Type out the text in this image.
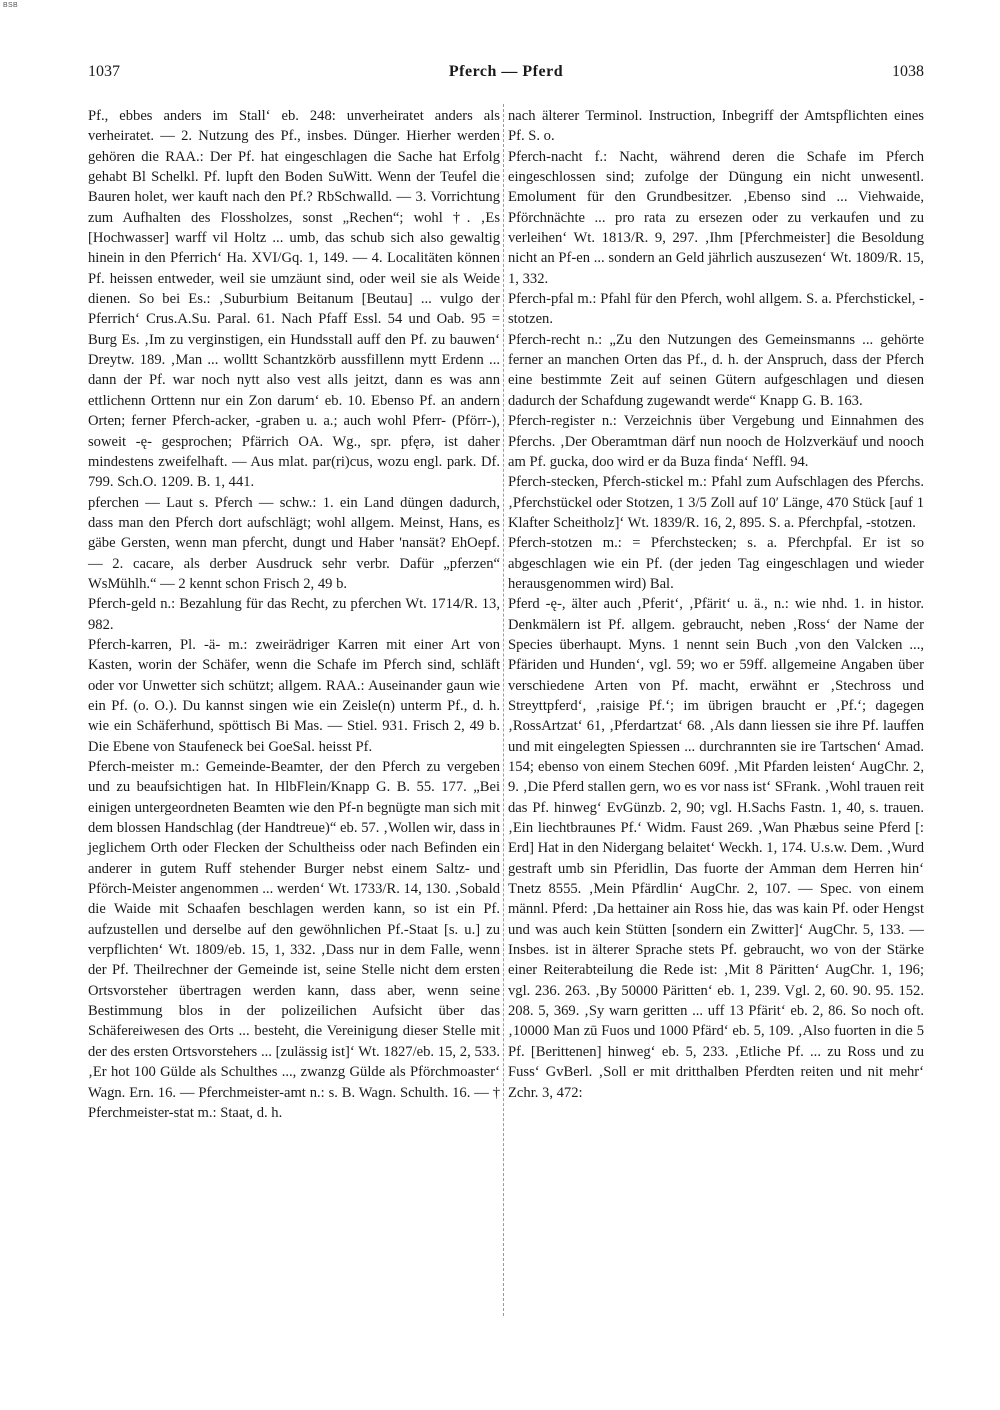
BSB
1037	Pferch — Pferd	1038

Pf., ebbes anders im Stall‘ eb. 248: unverheiratet anders als verheiratet. — 2. Nutzung des Pf., insbes. Dünger. Hierher werden gehören die RAA.: Der Pf. hat eingeschlagen die Sache hat Erfolg gehabt Bl Schelkl. Pf. lupft den Boden SuWitt. Wenn der Teufel die Bauren holet, wer kauft nach den Pf.? RbSchwalld. — 3. Vorrichtung zum Aufhalten des Flossholzes, sonst „Rechen“; wohl †. ‚Es [Hochwasser] warff vil Holtz ... umb, das schub sich also gewaltig hinein in den Pferrich‘ Ha. XVI/Gq. 1, 149. — 4. Localitäten können Pf. heissen entweder, weil sie umzäunt sind, oder weil sie als Weide dienen. So bei Es.: ‚Suburbium Beitanum [Beutau] ... vulgo der Pferrich‘ Crus.A.Su. Paral. 61. Nach Pfaff Essl. 54 und Oab. 95 = Burg Es. ‚Im zu verginstigen, ein Hundsstall auff den Pf. zu bauwen‘ Dreytw. 189. ‚Man ... wolltt Schantzkörb aussfillenn mytt Erdenn ... dann der Pf. war noch nytt also vest alls jeitzt, dann es was ann ettlichenn Orttenn nur ein Zon darum‘ eb. 10. Ebenso Pf. an andern Orten; ferner Pferch-acker, -graben u. a.; auch wohl Pferr- (Pförr-), soweit -ę- gesprochen; Pfärrich OA. Wg., spr. pfęrə, ist daher mindestens zweifelhaft. — Aus mlat. par(ri)cus, wozu engl. park. Df. 799. Sch.O. 1209. B. 1, 441.

pferchen — Laut s. Pferch — schw.: 1. ein Land düngen dadurch, dass man den Pferch dort aufschlägt; wohl allgem. Meinst, Hans, es gäbe Gersten, wenn man pfercht, dungt und Haber 'nansät? EhOepf. — 2. cacare, als derber Ausdruck sehr verbr. Dafür „pferzen“ WsMühlh.“ — 2 kennt schon Frisch 2, 49 b.

Pferch-geld n.: Bezahlung für das Recht, zu pferchen Wt. 1714/R. 13, 982.

Pferch-karren, Pl. -ä- m.: zweirädriger Karren mit einer Art von Kasten, worin der Schäfer, wenn die Schafe im Pferch sind, schläft oder vor Unwetter sich schützt; allgem. RAA.: Auseinander gaun wie ein Pf. (o. O.). Du kannst singen wie ein Zeisle(n) unterm Pf., d. h. wie ein Schäferhund, spöttisch Bi Mas. — Stiel. 931. Frisch 2, 49 b. Die Ebene von Staufeneck bei GoeSal. heisst Pf.

Pferch-meister m.: Gemeinde-Beamter, der den Pferch zu vergeben und zu beaufsichtigen hat. In HlbFlein/Knapp G. B. 55. 177. „Bei einigen untergeordneten Beamten wie den Pf-n begnügte man sich mit dem blossen Handschlag (der Handtreue)“ eb. 57. ‚Wollen wir, dass in jeglichem Orth oder Flecken der Schultheiss oder nach Befinden ein anderer in gutem Ruff stehender Burger nebst einem Saltz- und Pförch-Meister angenommen ... werden‘ Wt. 1733/R. 14, 130. ‚Sobald die Waide mit Schaafen beschlagen werden kann, so ist ein Pf. aufzustellen und derselbe auf den gewöhnlichen Pf.-Staat [s. u.] zu verpflichten‘ Wt. 1809/eb. 15, 1, 332. ‚Dass nur in dem Falle, wenn der Pf. Theilrechner der Gemeinde ist, seine Stelle nicht dem ersten Ortsvorsteher übertragen werden kann, dass aber, wenn seine Bestimmung blos in der polizeilichen Aufsicht über das Schäfereiwesen des Orts ... besteht, die Vereinigung dieser Stelle mit der des ersten Ortsvorstehers ... [zulässig ist]‘ Wt. 1827/eb. 15, 2, 533. ‚Er hot 100 Gülde als Schulthes ..., zwanzg Gülde als Pförchmoaster‘ Wagn. Ern. 16. — Pferchmeister-amt n.: s. B. Wagn. Schulth. 16. — † Pferchmeister-stat m.: Staat, d. h.

nach älterer Terminol. Instruction, Inbegriff der Amtspflichten eines Pf. S. o.

Pferch-nacht f.: Nacht, während deren die Schafe im Pferch eingeschlossen sind; zufolge der Düngung ein nicht unwesentl. Emolument für den Grundbesitzer. ‚Ebenso sind ... Viehwaide, Pförchnächte ... pro rata zu ersezen oder zu verkaufen und zu verleihen‘ Wt. 1813/R. 9, 297. ‚Ihm [Pferchmeister] die Besoldung nicht an Pf-en ... sondern an Geld jährlich auszusezen‘ Wt. 1809/R. 15, 1, 332.

Pferch-pfal m.: Pfahl für den Pferch, wohl allgem. S. a. Pferchstickel, -stotzen.

Pferch-recht n.: „Zu den Nutzungen des Gemeinsmanns ... gehörte ferner an manchen Orten das Pf., d. h. der Anspruch, dass der Pferch eine bestimmte Zeit auf seinen Gütern aufgeschlagen und diesen dadurch der Schafdung zugewandt werde“ Knapp G. B. 163.

Pferch-register n.: Verzeichnis über Vergebung und Einnahmen des Pferchs. ‚Der Oberamtman därf nun nooch de Holzverkäuf und nooch am Pf. gucka, doo wird er da Buza finda‘ Neffl. 94.

Pferch-stecken, Pferch-stickel m.: Pfahl zum Aufschlagen des Pferchs. ‚Pferchstückel oder Stotzen, 1 3/5 Zoll auf 10′ Länge, 470 Stück [auf 1 Klafter Scheitholz]‘ Wt. 1839/R. 16, 2, 895. S. a. Pferchpfal, -stotzen.

Pferch-stotzen m.: = Pferchstecken; s. a. Pferchpfal. Er ist so abgeschlagen wie ein Pf. (der jeden Tag eingeschlagen und wieder herausgenommen wird) Bal.

Pferd -ę-, älter auch ‚Pferit‘, ‚Pfärit‘ u. ä., n.: wie nhd. 1. in histor. Denkmälern ist Pf. allgem. gebraucht, neben ‚Ross‘ der Name der Species überhaupt. Myns. 1 nennt sein Buch ‚von den Valcken ..., Pfäriden und Hunden‘, vgl. 59; wo er 59ff. allgemeine Angaben über verschiedene Arten von Pf. macht, erwähnt er ‚Stechross und Streyttpferd‘, ‚raisige Pf.‘; im übrigen braucht er ‚Pf.‘; dagegen ‚RossArtzat‘ 61, ‚Pferdartzat‘ 68. ‚Als dann liessen sie ihre Pf. lauffen und mit eingelegten Spiessen ... durchrannten sie ire Tartschen‘ Amad. 154; ebenso von einem Stechen 609f. ‚Mit Pfarden leisten‘ AugChr. 2, 9. ‚Die Pferd stallen gern, wo es vor nass ist‘ SFrank. ‚Wohl trauen reit das Pf. hinweg‘ EvGünzb. 2, 90; vgl. H.Sachs Fastn. 1, 40, s. trauen. ‚Ein liechtbraunes Pf.‘ Widm. Faust 269. ‚Wan Phæbus seine Pferd [: Erd] Hat in den Nidergang belaitet‘ Weckh. 1, 174. U.s.w. Dem. ‚Wurd gestraft umb sin Pferidlin, Das fuorte der Amman dem Herren hin‘ Tnetz 8555. ‚Mein Pfärdlin‘ AugChr. 2, 107. — Spec. von einem männl. Pferd: ‚Da hettainer ain Ross hie, das was kain Pf. oder Hengst und was auch kein Stütten [sondern ein Zwitter]‘ AugChr. 5, 133. — Insbes. ist in älterer Sprache stets Pf. gebraucht, wo von der Stärke einer Reiterabteilung die Rede ist: ‚Mit 8 Päritten‘ AugChr. 1, 196; vgl. 236. 263. ‚By 50000 Päritten‘ eb. 1, 239. Vgl. 2, 60. 90. 95. 152. 208. 5, 369. ‚Sy warn geritten ... uff 13 Pfärit‘ eb. 2, 86. So noch oft. ‚10000 Man zū Fuos und 1000 Pfärd‘ eb. 5, 109. ‚Also fuorten in die 5 Pf. [Berittenen] hinweg‘ eb. 5, 233. ‚Etliche Pf. ... zu Ross und zu Fuss‘ GvBerl. ‚Soll er mit dritthalben Pferdten reiten und nit mehr‘ Zchr. 3, 472:
